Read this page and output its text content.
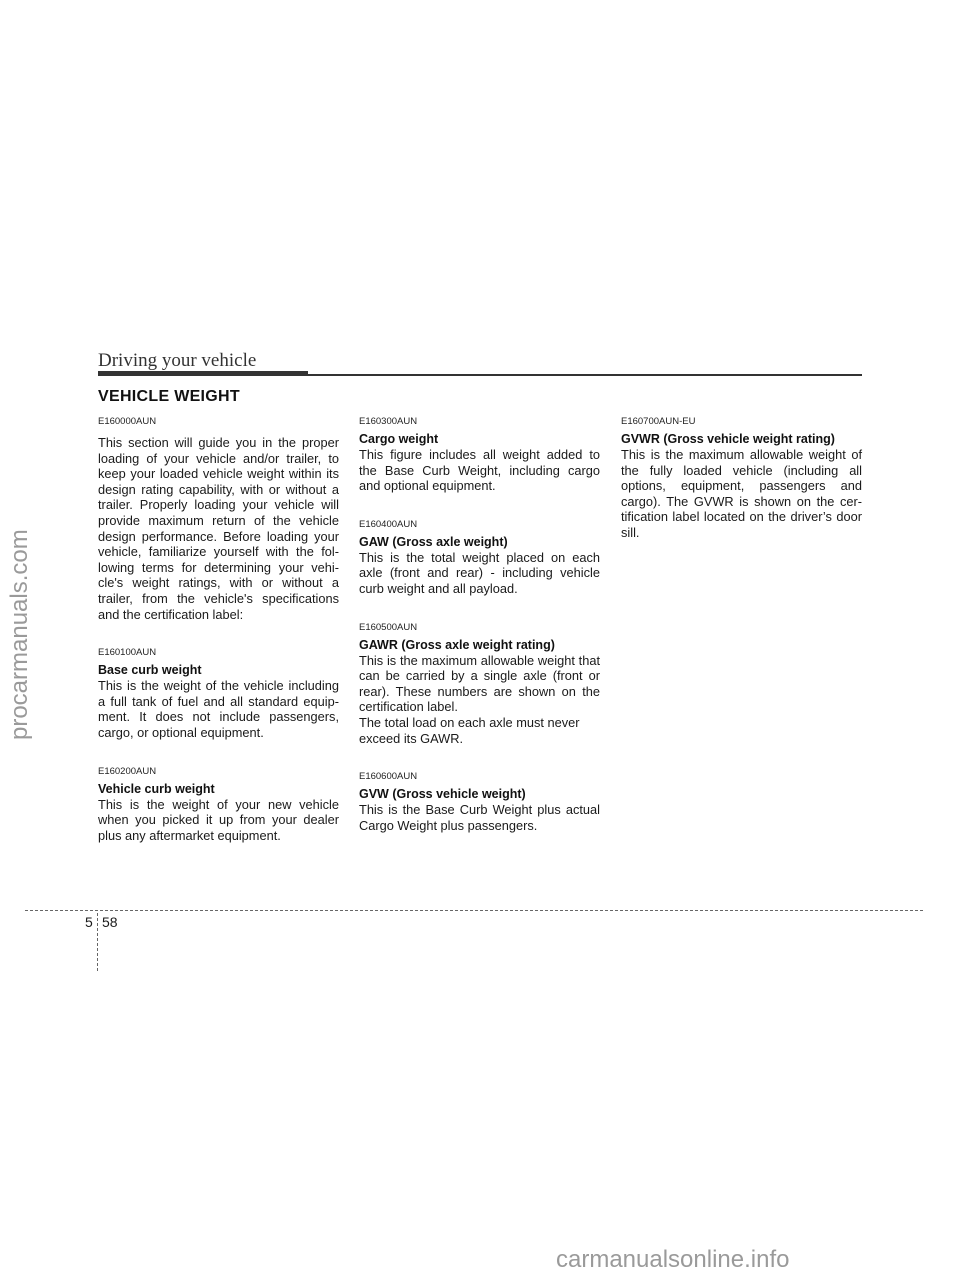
Driving your vehicle
VEHICLE WEIGHT
E160000AUN

This section will guide you in the proper loading of your vehicle and/or trailer, to keep your loaded vehicle weight within its design rating capability, with or without a trailer. Properly loading your vehicle will provide maximum return of the vehicle design performance. Before loading your vehicle, familiarize yourself with the fol-lowing terms for determining your vehi-cle's weight ratings, with or without a trailer, from the vehicle's specifications and the certification label:

E160100AUN
Base curb weight

This is the weight of the vehicle including a full tank of fuel and all standard equip-ment. It does not include passengers, cargo, or optional equipment.

E160200AUN
Vehicle curb weight

This is the weight of your new vehicle when you picked it up from your dealer plus any aftermarket equipment.

E160300AUN
Cargo weight

This figure includes all weight added to the Base Curb Weight, including cargo and optional equipment.

E160400AUN
GAW (Gross axle weight)

This is the total weight placed on each axle (front and rear) - including vehicle curb weight and all payload.

E160500AUN
GAWR (Gross axle weight rating)

This is the maximum allowable weight that can be carried by a single axle (front or rear). These numbers are shown on the certification label.

The total load on each axle must never exceed its GAWR.

E160600AUN
GVW (Gross vehicle weight)

This is the Base Curb Weight plus actual Cargo Weight plus passengers.

E160700AUN-EU
GVWR (Gross vehicle weight rating)

This is the maximum allowable weight of the fully loaded vehicle (including all options, equipment, passengers and cargo). The GVWR is shown on the cer-tification label located on the driver’s door sill.

5 58
procarmanuals.com
carmanualsonline.info
